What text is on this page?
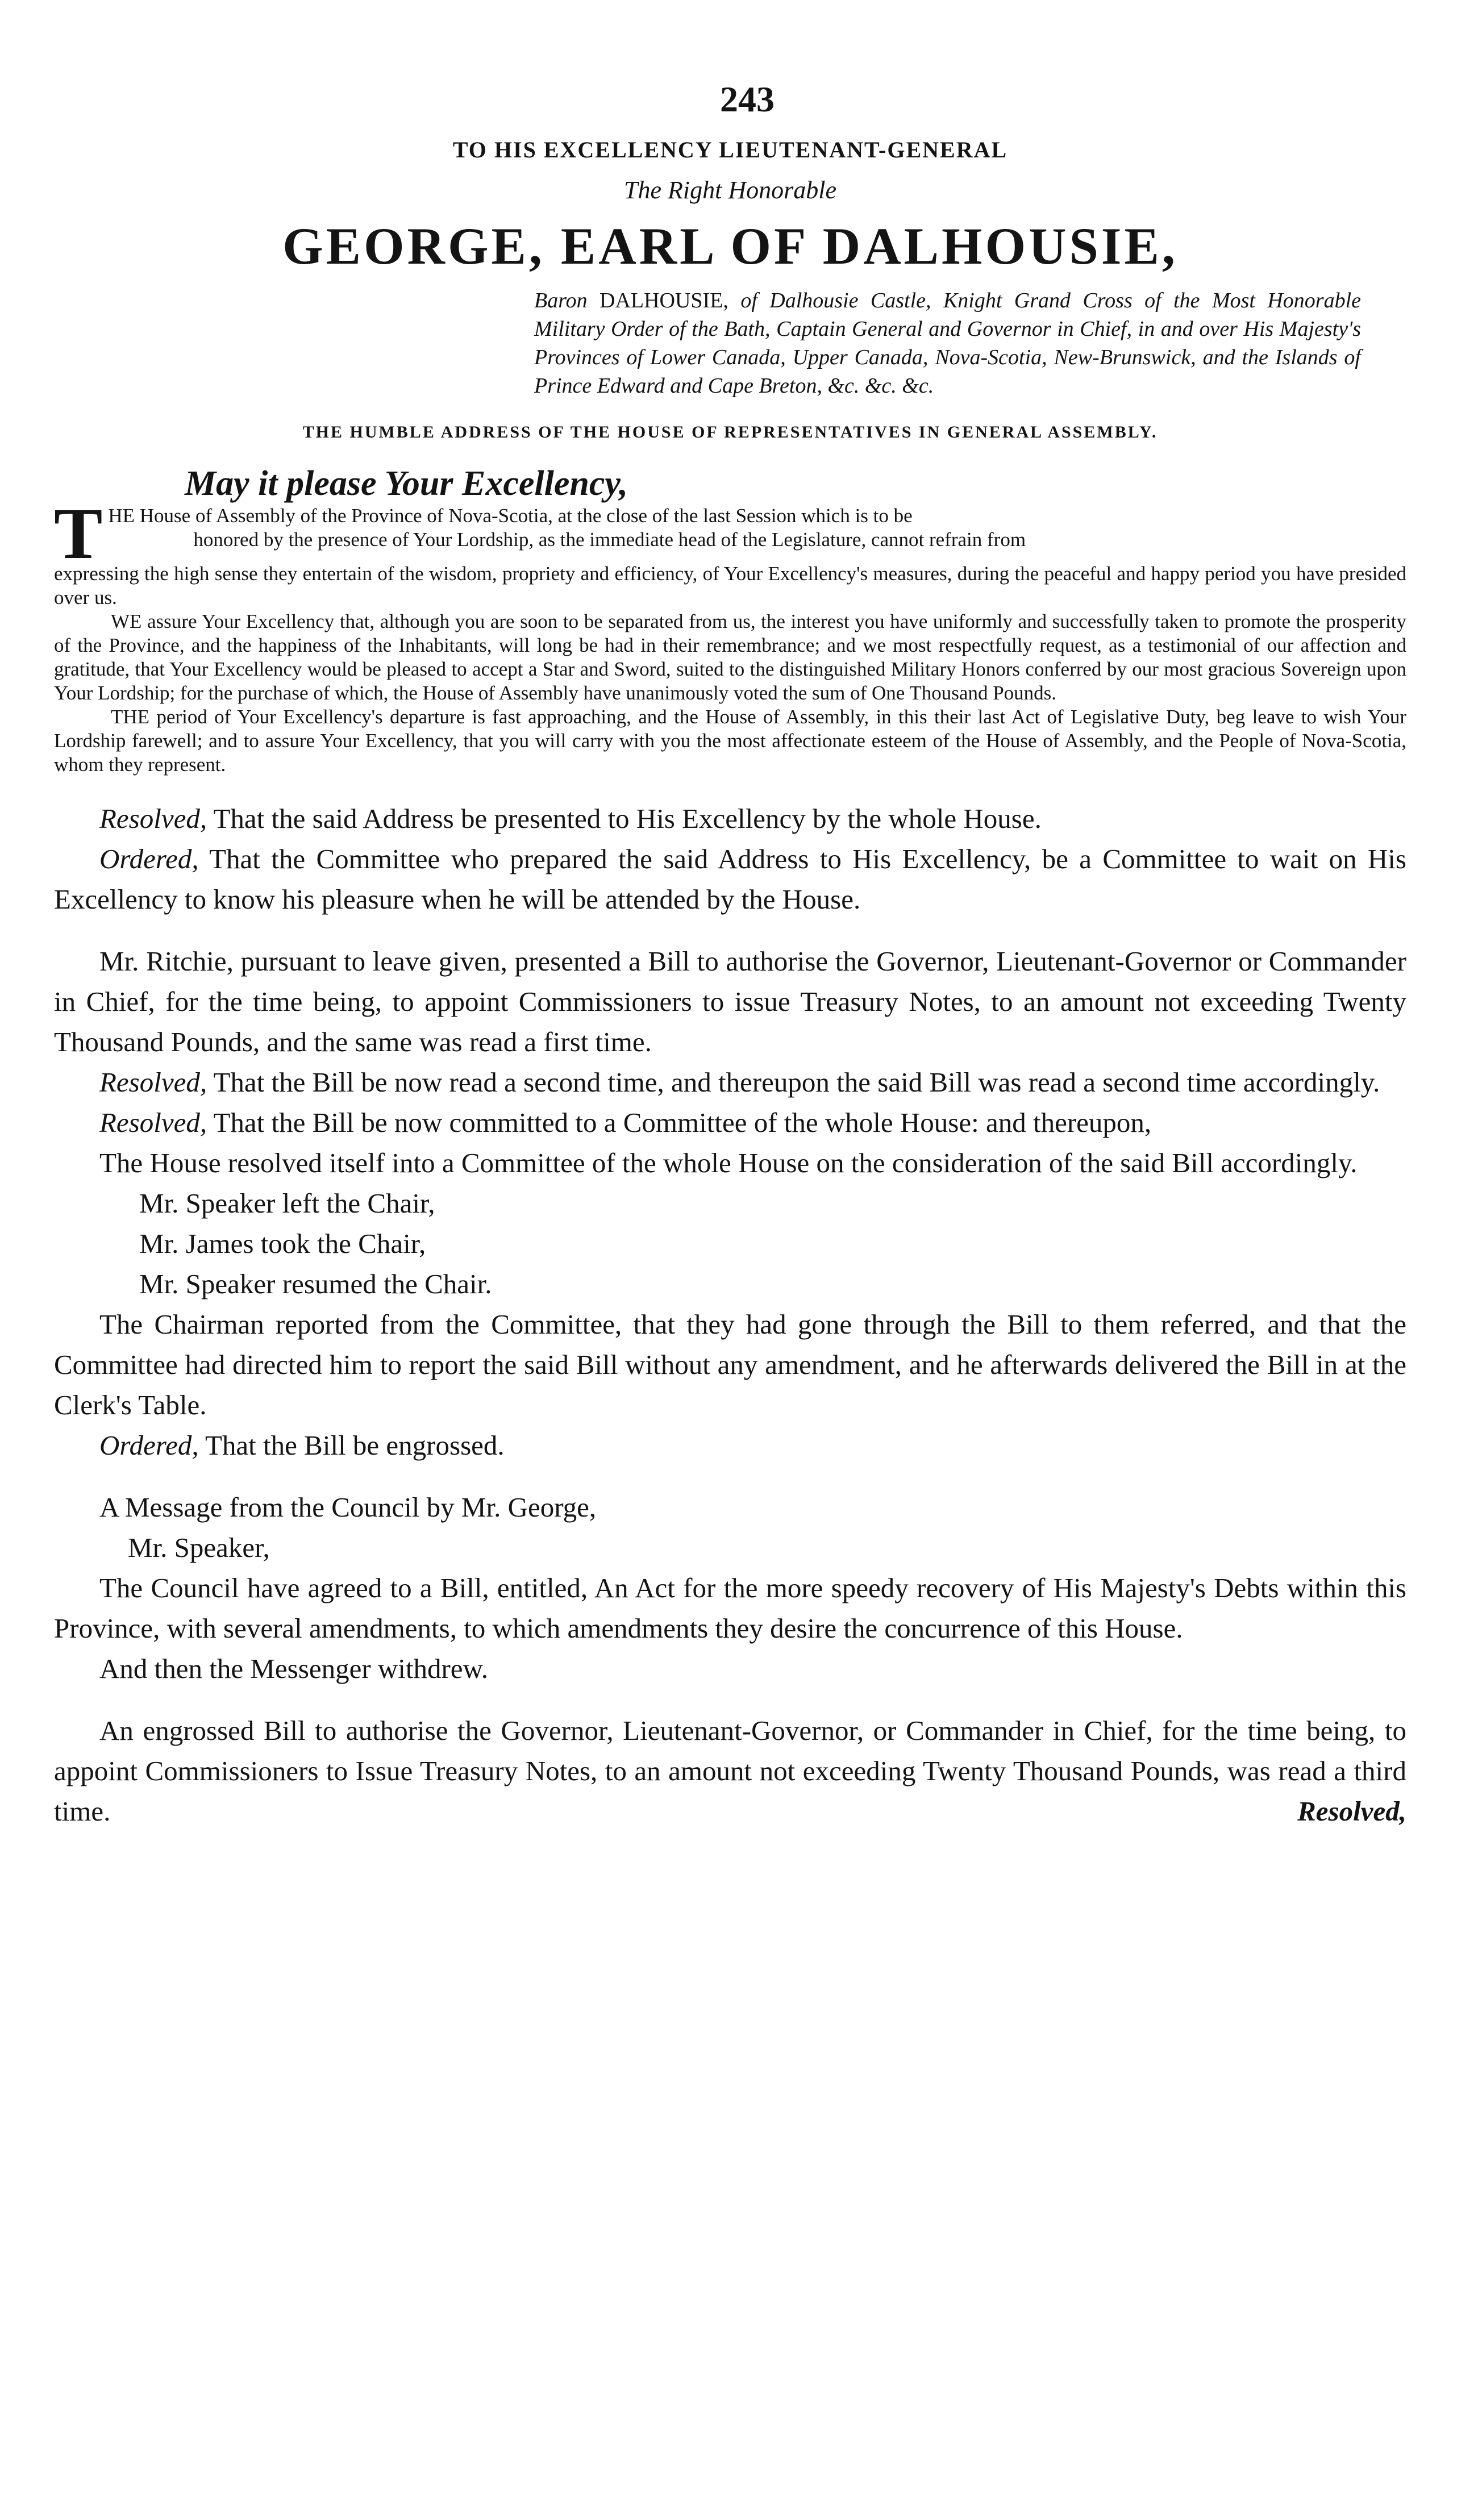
243
TO HIS EXCELLENCY LIEUTENANT-GENERAL
The Right Honorable
GEORGE, EARL OF DALHOUSIE,
Baron DALHOUSIE, of Dalhousie Castle, Knight Grand Cross of the Most Honorable Military Order of the Bath, Captain General and Governor in Chief, in and over His Majesty's Provinces of Lower Canada, Upper Canada, Nova-Scotia, New-Brunswick, and the Islands of Prince Edward and Cape Breton, &c. &c. &c.
THE HUMBLE ADDRESS OF THE HOUSE OF REPRESENTATIVES IN GENERAL ASSEMBLY.
May it please Your Excellency,

T HE House of Assembly of the Province of Nova-Scotia, at the close of the last Session which is to be
honored by the presence of Your Lordship, as the immediate head of the Legislature, cannot refrain from
expressing the high sense they entertain of the wisdom, propriety and efficiency, of Your Excellency's measures, during the peaceful and happy period you have presided over us.

WE assure Your Excellency that, although you are soon to be separated from us, the interest you have uniformly and successfully taken to promote the prosperity of the Province, and the happiness of the Inhabitants, will long be had in their remembrance; and we most respectfully request, as a testimonial of our affection and gratitude, that Your Excellency would be pleased to accept a Star and Sword, suited to the distinguished Military Honors conferred by our most gracious Sovereign upon Your Lordship; for the purchase of which, the House of Assembly have unanimously voted the sum of One Thousand Pounds.

THE period of Your Excellency's departure is fast approaching, and the House of Assembly, in this their last Act of Legislative Duty, beg leave to wish Your Lordship farewell; and to assure Your Excellency, that you will carry with you the most affectionate esteem of the House of Assembly, and the People of Nova-Scotia, whom they represent.

Resolved, That the said Address be presented to His Excellency by the whole House.

Ordered, That the Committee who prepared the said Address to His Excellency, be a Committee to wait on His Excellency to know his pleasure when he will be attended by the House.

Mr. Ritchie, pursuant to leave given, presented a Bill to authorise the Governor, Lieutenant-Governor or Commander in Chief, for the time being, to appoint Commissioners to issue Treasury Notes, to an amount not exceeding Twenty Thousand Pounds, and the same was read a first time.

Resolved, That the Bill be now read a second time, and thereupon the said Bill was read a second time accordingly.

Resolved, That the Bill be now committed to a Committee of the whole House: and thereupon,

The House resolved itself into a Committee of the whole House on the consideration of the said Bill accordingly.

Mr. Speaker left the Chair,

Mr. James took the Chair,

Mr. Speaker resumed the Chair.

The Chairman reported from the Committee, that they had gone through the Bill to them referred, and that the Committee had directed him to report the said Bill without any amendment, and he afterwards delivered the Bill in at the Clerk's Table.

Ordered, That the Bill be engrossed.

A Message from the Council by Mr. George,

Mr. Speaker,

The Council have agreed to a Bill, entitled, An Act for the more speedy recovery of His Majesty's Debts within this Province, with several amendments, to which amendments they desire the concurrence of this House.

And then the Messenger withdrew.

An engrossed Bill to authorise the Governor, Lieutenant-Governor, or Commander in Chief, for the time being, to appoint Commissioners to Issue Treasury Notes, to an amount not exceeding Twenty Thousand Pounds, was read a third time.	Resolved,
